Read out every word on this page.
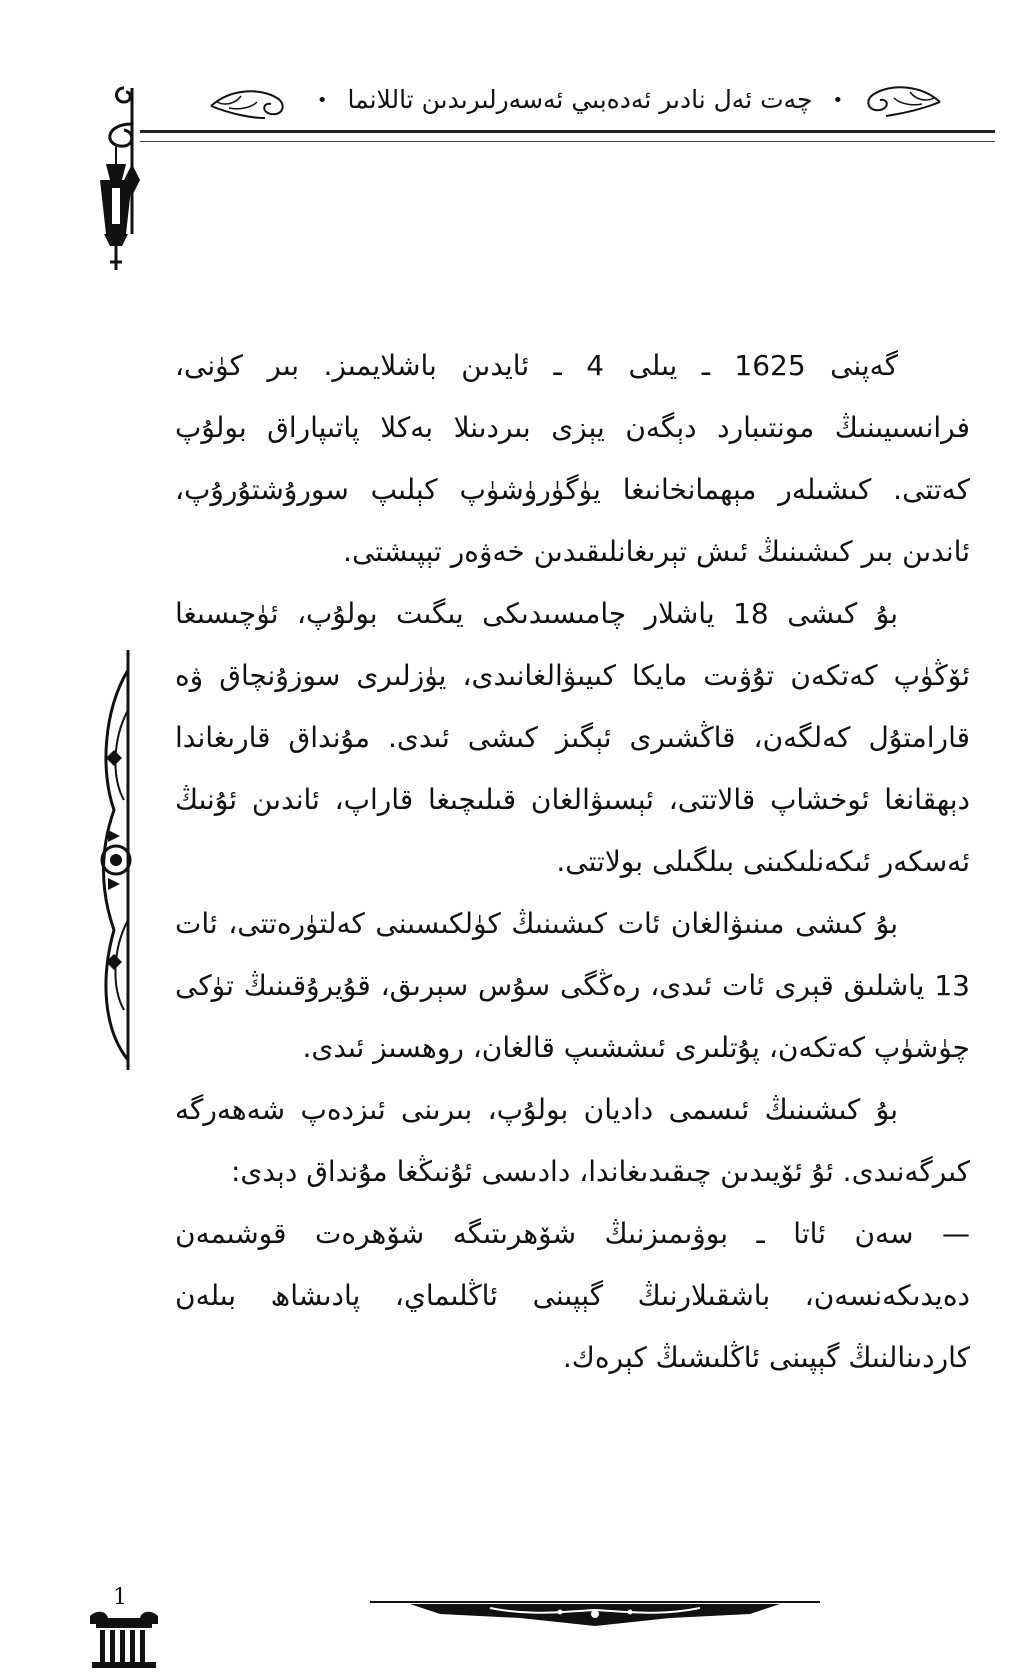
• چەت ئەل نادىر ئەدەبىي ئەسەرلىرىدىن تاللانما •

گەپنى 1625 ـ يىلى 4 ـ ئايدىن باشلايمىز. بىر كۈنى، فرانسىيىنىڭ مونتىبارد دېگەن يېزى بىردىنلا بەكلا پاتىپاراق بولۇپ كەتتى. كىشىلەر مېھمانخانىغا يۈگۈرۈشۈپ كېلىپ سورۇشتۇرۇپ، ئاندىن بىر كىشىنىڭ ئىش تېرىغانلىقىدىن خەۋەر تېپىشتى.

بۇ كىشى 18 ياشلار چامىسىدىكى يىگىت بولۇپ، ئۈچىسىغا ئۆڭۈپ كەتكەن تۇۋىت مايكا كىيىۋالغانىدى، يۈزلىرى سوزۇنچاق ۋە قارامتۇل كەلگەن، قاڭشىرى ئېگىز كىشى ئىدى. مۇنداق قارىغاندا دېھقانغا ئوخشاپ قالاتتى، ئېسىۋالغان قىلىچىغا قاراپ، ئاندىن ئۇنىڭ ئەسكەر ئىكەنلىكىنى بىلگىلى بولاتتى.

بۇ كىشى مىنىۋالغان ئات كىشىنىڭ كۈلكىسىنى كەلتۈرەتتى، ئات 13 ياشلىق قېرى ئات ئىدى، رەڭگى سۇس سېرىق، قۇيرۇقىنىڭ تۈكى چۈشۈپ كەتكەن، پۇتلىرى ئىششىپ قالغان، روھسىز ئىدى.

بۇ كىشىنىڭ ئىسمى داديان بولۇپ، بىرىنى ئىزدەپ شەھەرگە كىرگەنىدى. ئۇ ئۆيىدىن چىقىدىغاندا، دادىسى ئۇنىڭغا مۇنداق دېدى:

— سەن ئاتا ـ بوۋىمىزنىڭ شۆھرىتىگە شۆھرەت قوشىمەن دەيدىكەنسەن، باشقىلارنىڭ گېپىنى ئاڭلىماي، پادىشاھ بىلەن كاردىنالنىڭ گېپىنى ئاڭلىشىڭ كېرەك.

1
